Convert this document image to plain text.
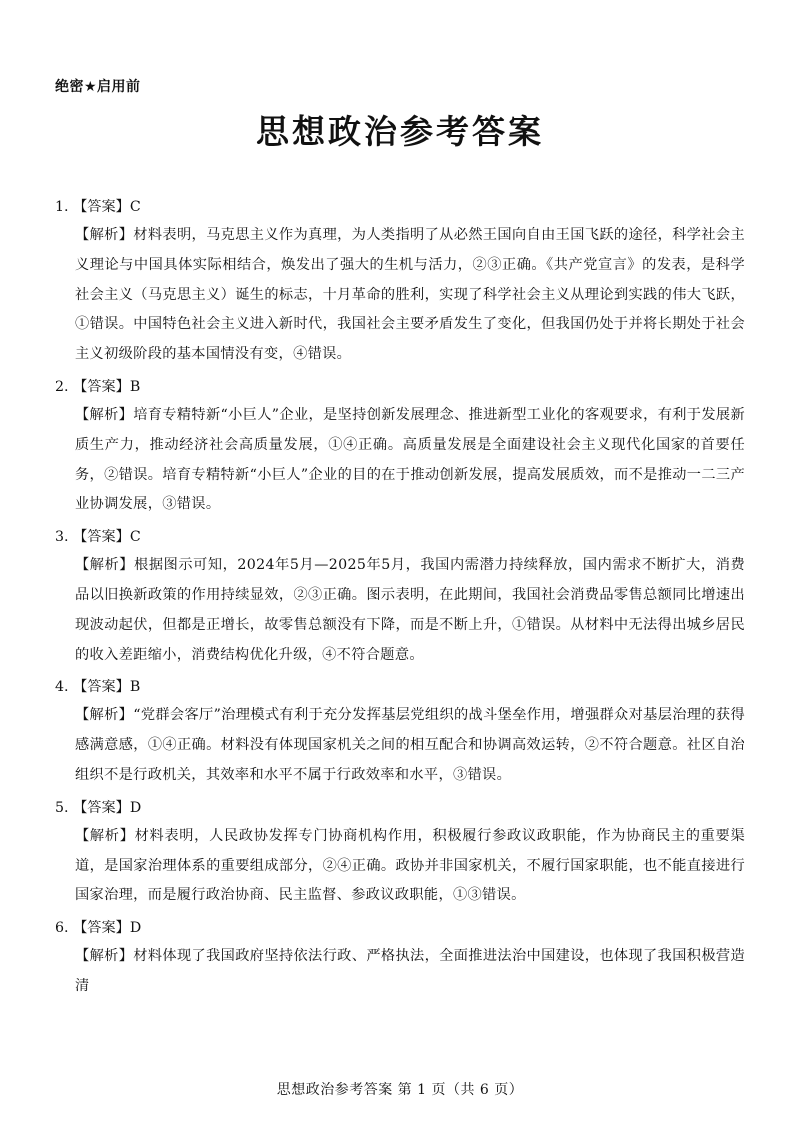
绝密★启用前
思想政治参考答案

1. 【答案】C

【解析】材料表明，马克思主义作为真理，为人类指明了从必然王国向自由王国飞跃的途径，科学社会主义理论与中国具体实际相结合，焕发出了强大的生机与活力，②③正确。《共产党宣言》的发表，是科学社会主义（马克思主义）诞生的标志，十月革命的胜利，实现了科学社会主义从理论到实践的伟大飞跃，①错误。中国特色社会主义进入新时代，我国社会主要矛盾发生了变化，但我国仍处于并将长期处于社会主义初级阶段的基本国情没有变，④错误。

2. 【答案】B

【解析】培育专精特新“小巨人”企业，是坚持创新发展理念、推进新型工业化的客观要求，有利于发展新质生产力，推动经济社会高质量发展，①④正确。高质量发展是全面建设社会主义现代化国家的首要任务，②错误。培育专精特新“小巨人”企业的目的在于推动创新发展，提高发展质效，而不是推动一二三产业协调发展，③错误。

3. 【答案】C

【解析】根据图示可知，2024年5月—2025年5月，我国内需潜力持续释放，国内需求不断扩大，消费品以旧换新政策的作用持续显效，②③正确。图示表明，在此期间，我国社会消费品零售总额同比增速出现波动起伏，但都是正增长，故零售总额没有下降，而是不断上升，①错误。从材料中无法得出城乡居民的收入差距缩小，消费结构优化升级，④不符合题意。

4. 【答案】B

【解析】“党群会客厅”治理模式有利于充分发挥基层党组织的战斗堡垒作用，增强群众对基层治理的获得感满意感，①④正确。材料没有体现国家机关之间的相互配合和协调高效运转，②不符合题意。社区自治组织不是行政机关，其效率和水平不属于行政效率和水平，③错误。

5. 【答案】D

【解析】材料表明，人民政协发挥专门协商机构作用，积极履行参政议政职能，作为协商民主的重要渠道，是国家治理体系的重要组成部分，②④正确。政协并非国家机关，不履行国家职能，也不能直接进行国家治理，而是履行政治协商、民主监督、参政议政职能，①③错误。

6. 【答案】D

【解析】材料体现了我国政府坚持依法行政、严格执法，全面推进法治中国建设，也体现了我国积极营造清

思想政治参考答案 第 1 页（共 6 页）
